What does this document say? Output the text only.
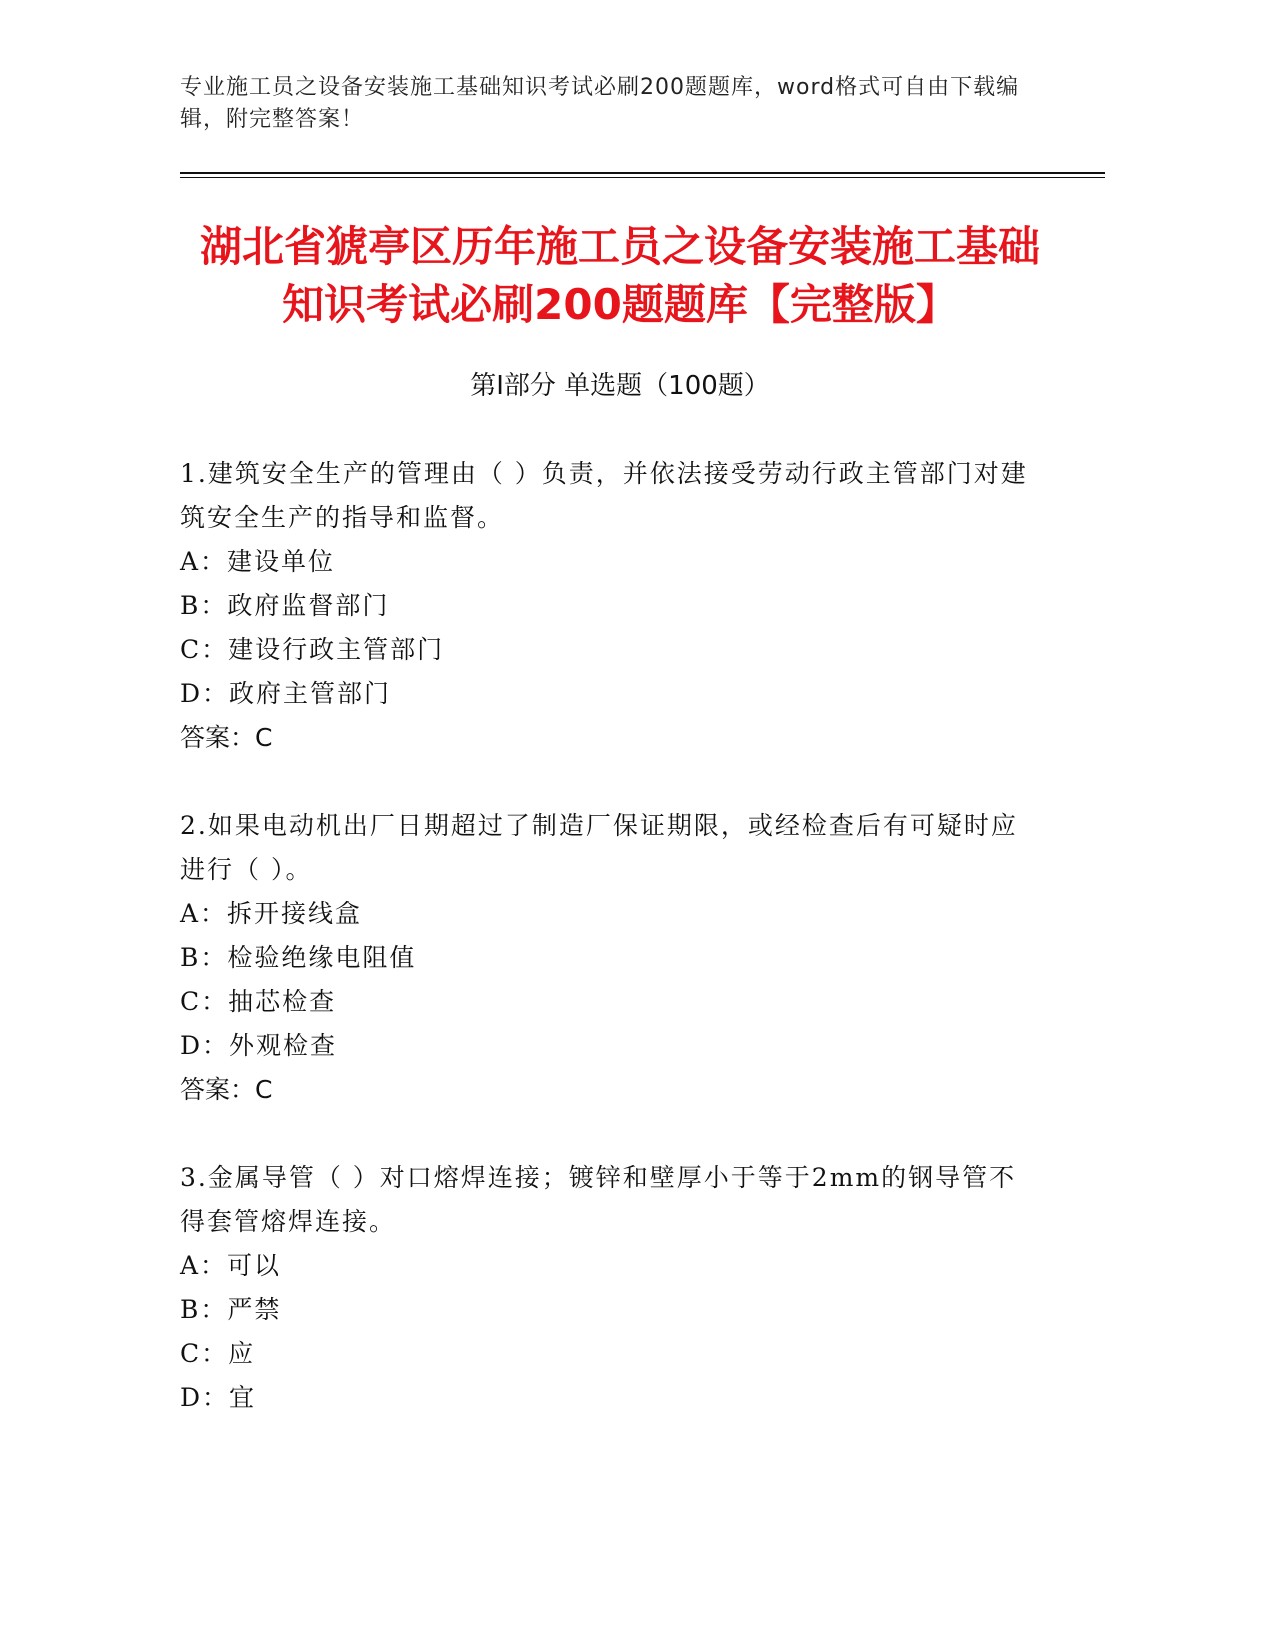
专业施工员之设备安装施工基础知识考试必刷200题题库，word格式可自由下载编辑，附完整答案！
湖北省猇亭区历年施工员之设备安装施工基础知识考试必刷200题题库【完整版】
第Ⅰ部分 单选题（100题）
1.建筑安全生产的管理由（ ）负责，并依法接受劳动行政主管部门对建筑安全生产的指导和监督。
A：建设单位
B：政府监督部门
C：建设行政主管部门
D：政府主管部门
答案：C
2.如果电动机出厂日期超过了制造厂保证期限，或经检查后有可疑时应进行（ ）。
A：拆开接线盒
B：检验绝缘电阻值
C：抽芯检查
D：外观检查
答案：C
3.金属导管（ ）对口熔焊连接；镀锌和壁厚小于等于2mm的钢导管不得套管熔焊连接。
A：可以
B：严禁
C：应
D：宜
